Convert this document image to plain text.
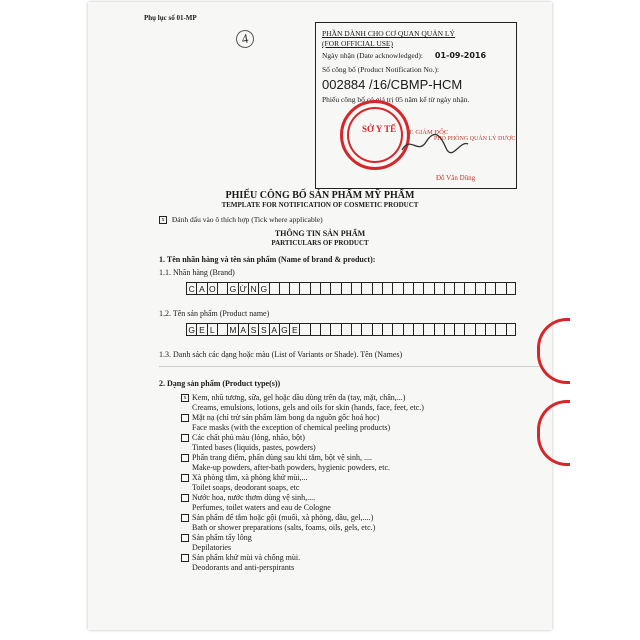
Phụ lục số 01-MP
4	PHẦN DÀNH CHO CƠ QUAN QUẢN LÝ
(FOR OFFICIAL USE)
Ngày nhận (Date acknowledged): 01-09-2016
Số công bố (Product Notification No.):
002884 /16/CBMP-HCM
Phiếu công bố có giá trị 05 năm kể từ ngày nhận.
KT. GIÁM ĐỐC
PHÓ PHÒNG QUẢN LÝ DƯỢC
Đỗ Văn Dũng
SỞ Y TẾ
PHIẾU CÔNG BỐ SẢN PHẨM MỸ PHẨM
TEMPLATE FOR NOTIFICATION OF COSMETIC PRODUCT
x Đánh dấu vào ô thích hợp (Tick where applicable)
THÔNG TIN SẢN PHẨM
PARTICULARS OF PRODUCT
1. Tên nhãn hàng và tên sản phẩm (Name of brand & product):
1.1. Nhãn hàng (Brand)
C A O G Ừ N G
1.2. Tên sản phẩm (Product name)
G E L M A S S A G E
1.3. Danh sách các dạng hoặc màu (List of Variants or Shade). Tên (Names)
2. Dạng sản phẩm (Product type(s))
x Kem, nhũ tương, sữa, gel hoặc dầu dùng trên da (tay, mặt, chân,...)
Creams, emulsions, lotions, gels and oils for skin (hands, face, feet, etc.)
Mặt nạ (chỉ trừ sản phẩm làm bong da nguồn gốc hoá học)
Face masks (with the exception of chemical peeling products)
Các chất phủ màu (lỏng, nhão, bột)
Tinted bases (liquids, pastes, powders)
Phấn trang điểm, phấn dùng sau khi tắm, bột vệ sinh, ....
Make-up powders, after-bath powders, hygienic powders, etc.
Xà phòng tắm, xà phòng khử mùi,...
Toilet soaps, deodorant soaps, etc
Nước hoa, nước thơm dùng vệ sinh,....
Perfumes, toilet waters and eau de Cologne
Sản phẩm để tắm hoặc gội (muối, xà phòng, dầu, gel,....)
Bath or shower preparations (salts, foams, oils, gels, etc.)
Sản phẩm tẩy lông
Depilatories
Sản phẩm khử mùi và chống mùi.
Deodorants and anti-perspirants
